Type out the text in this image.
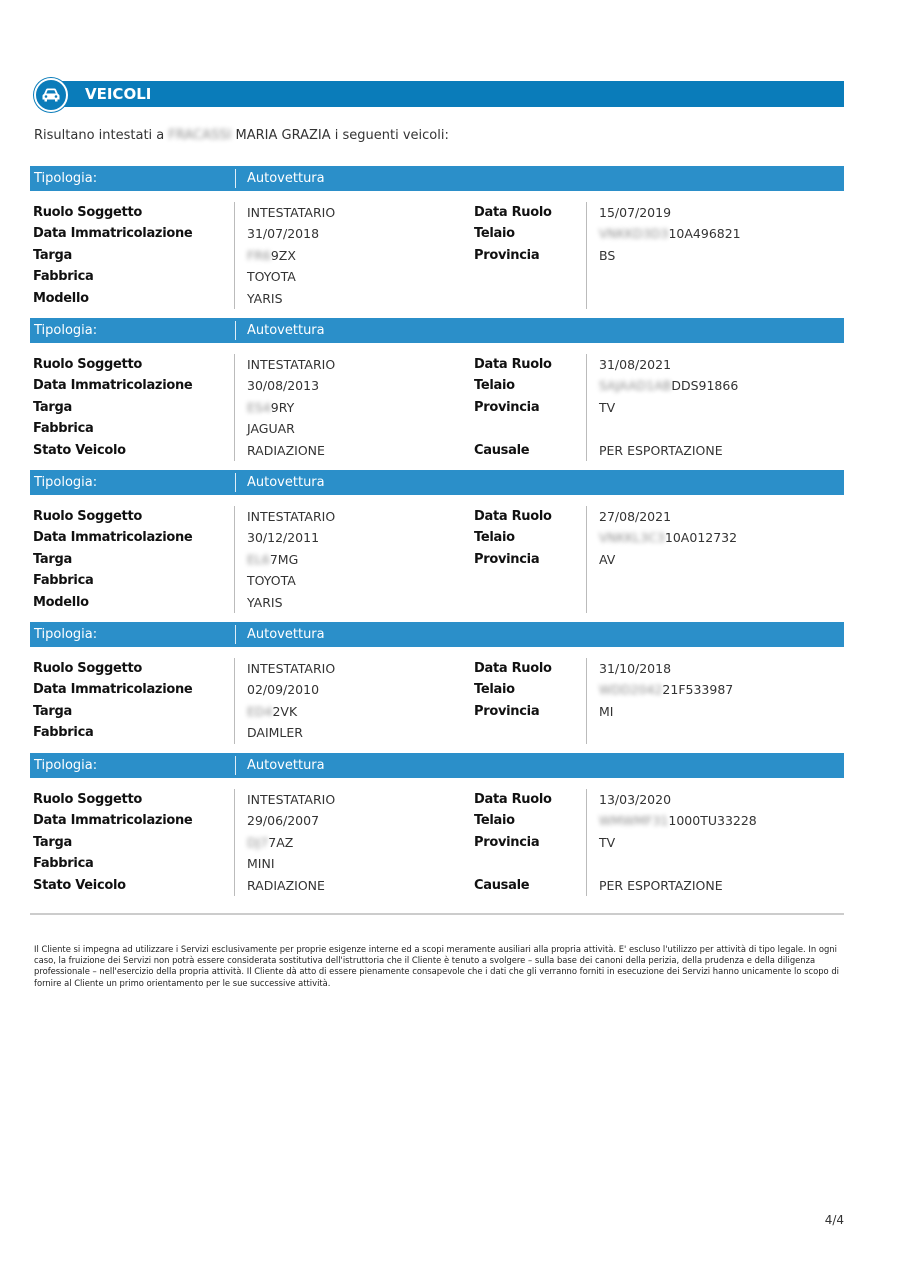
VEICOLI
Risultano intestati a FRACASSI MARIA GRAZIA i seguenti veicoli:
Tipologia:	Autovettura
Ruolo Soggetto	INTESTATARIO	Data Ruolo	15/07/2019
Data Immatricolazione	31/07/2018	Telaio	VNKKD3D310A496821
Targa	FR69ZX	Provincia	BS
Fabbrica	TOYOTA
Modello	YARIS
Tipologia:	Autovettura
Ruolo Soggetto	INTESTATARIO	Data Ruolo	31/08/2021
Data Immatricolazione	30/08/2013	Telaio	SAJAAD1ABDDS91866
Targa	ES49RY	Provincia	TV
Fabbrica	JAGUAR
Stato Veicolo	RADIAZIONE	Causale	PER ESPORTAZIONE
Tipologia:	Autovettura
Ruolo Soggetto	INTESTATARIO	Data Ruolo	27/08/2021
Data Immatricolazione	30/12/2011	Telaio	VNKKL3C310A012732
Targa	EL67MG	Provincia	AV
Fabbrica	TOYOTA
Modello	YARIS
Tipologia:	Autovettura
Ruolo Soggetto	INTESTATARIO	Data Ruolo	31/10/2018
Data Immatricolazione	02/09/2010	Telaio	WDD204221F533987
Targa	ED42VK	Provincia	MI
Fabbrica	DAIMLER
Tipologia:	Autovettura
Ruolo Soggetto	INTESTATARIO	Data Ruolo	13/03/2020
Data Immatricolazione	29/06/2007	Telaio	WMWMF311000TU33228
Targa	DJ77AZ	Provincia	TV
Fabbrica	MINI
Stato Veicolo	RADIAZIONE	Causale	PER ESPORTAZIONE
Il Cliente si impegna ad utilizzare i Servizi esclusivamente per proprie esigenze interne ed a scopi meramente ausiliari alla propria attività. E' escluso l'utilizzo per attività di tipo legale. In ogni caso, la fruizione dei Servizi non potrà essere considerata sostitutiva dell'istruttoria che il Cliente è tenuto a svolgere – sulla base dei canoni della perizia, della prudenza e della diligenza professionale – nell'esercizio della propria attività. Il Cliente dà atto di essere pienamente consapevole che i dati che gli verranno forniti in esecuzione dei Servizi hanno unicamente lo scopo di fornire al Cliente un primo orientamento per le sue successive attività.
4/4
